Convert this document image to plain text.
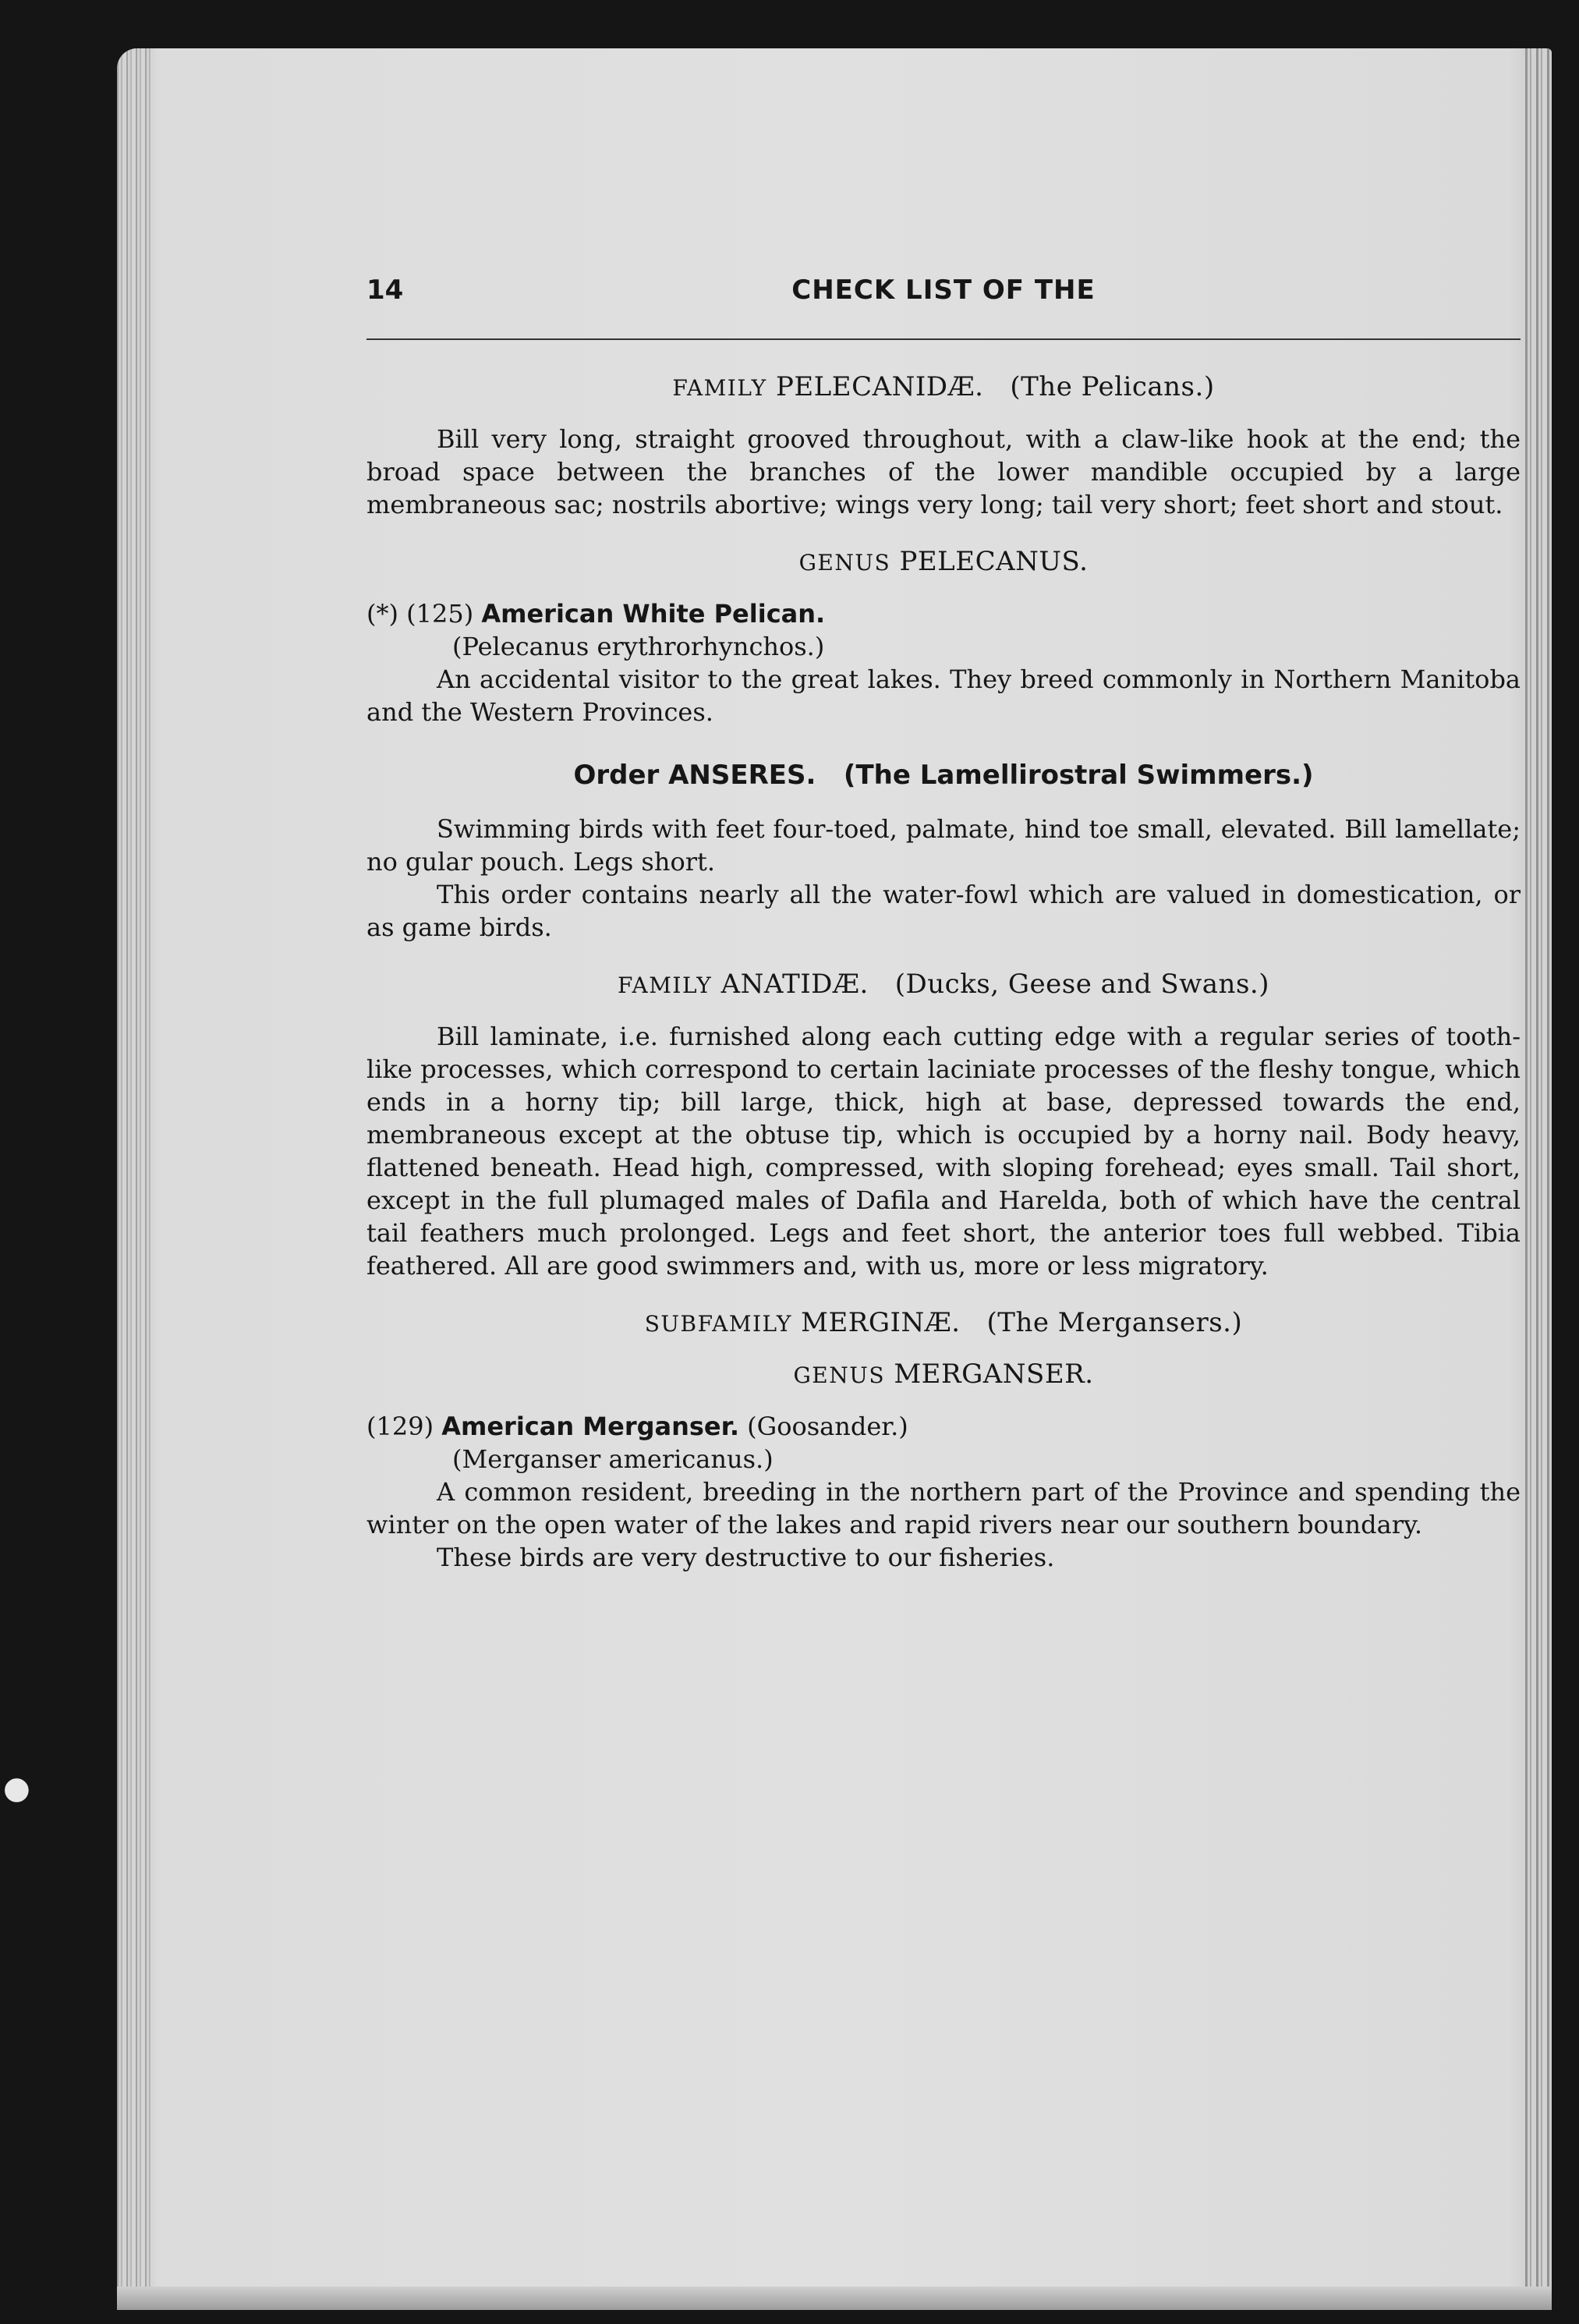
14	CHECK LIST OF THE
FAMILY PELECANIDÆ. (The Pelicans.)

Bill very long, straight grooved throughout, with a claw-like hook at the end; the broad space between the branches of the lower mandible occupied by a large membraneous sac; nostrils abortive; wings very long; tail very short; feet short and stout.

GENUS PELECANUS.
(*) (125) American White Pelican.
(Pelecanus erythrorhynchos.)
An accidental visitor to the great lakes. They breed commonly in Northern Manitoba and the Western Provinces.
Order ANSERES. (The Lamellirostral Swimmers.)

Swimming birds with feet four-toed, palmate, hind toe small, elevated. Bill lamellate; no gular pouch. Legs short.

This order contains nearly all the water-fowl which are valued in domestication, or as game birds.

FAMILY ANATIDÆ. (Ducks, Geese and Swans.)

Bill laminate, i.e. furnished along each cutting edge with a regular series of tooth-like processes, which correspond to certain laciniate processes of the fleshy tongue, which ends in a horny tip; bill large, thick, high at base, depressed towards the end, membraneous except at the obtuse tip, which is occupied by a horny nail. Body heavy, flattened beneath. Head high, compressed, with sloping forehead; eyes small. Tail short, except in the full plumaged males of Dafila and Harelda, both of which have the central tail feathers much prolonged. Legs and feet short, the anterior toes full webbed. Tibia feathered. All are good swimmers and, with us, more or less migratory.

SUBFAMILY MERGINÆ. (The Mergansers.)
GENUS MERGANSER.
(129) American Merganser. (Goosander.)
(Merganser americanus.)
A common resident, breeding in the northern part of the Province and spending the winter on the open water of the lakes and rapid rivers near our southern boundary.
These birds are very destructive to our fisheries.
●
